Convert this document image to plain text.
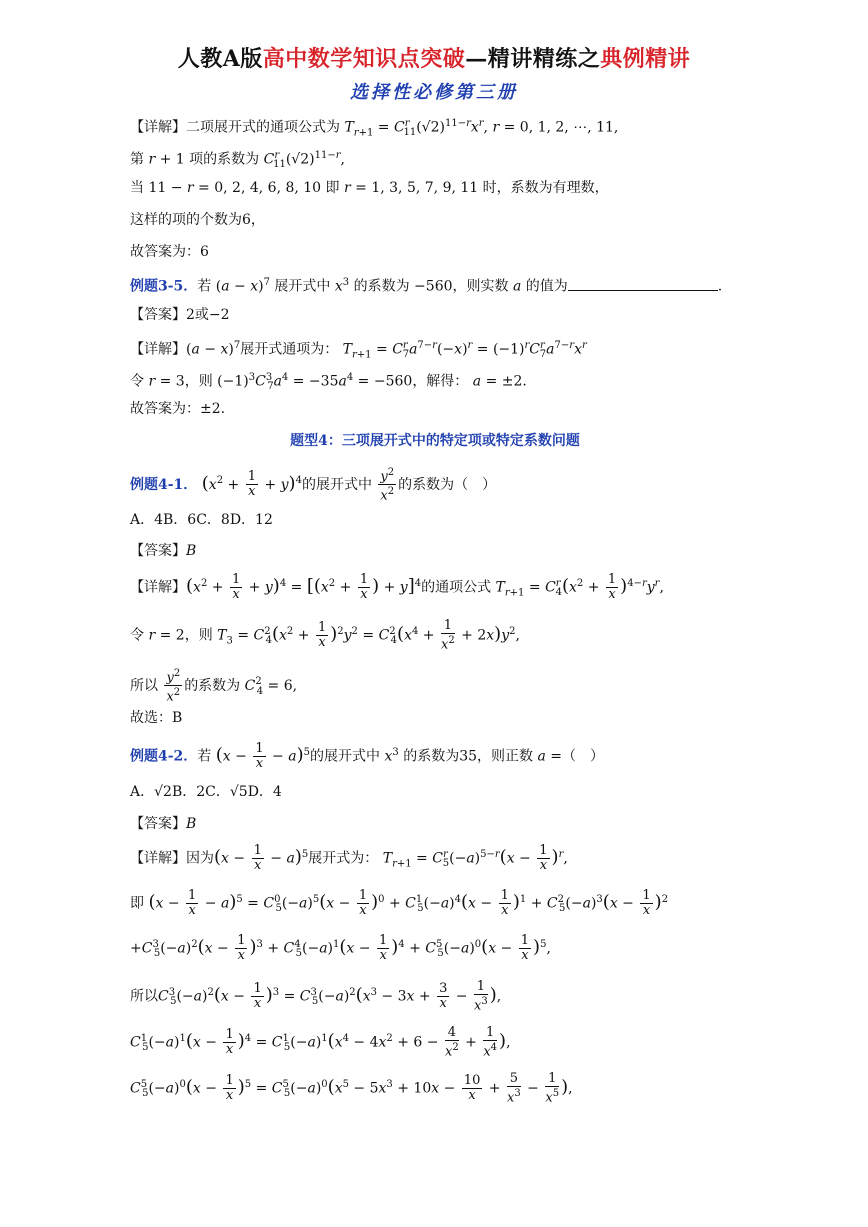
人教A版高中数学知识点突破—精讲精练之典例精讲
选择性必修第三册
【详解】二项展开式的通项公式为 $T_{r+1} = C^r_{11}(√2)^{11-r}x^r$, r = 0, 1, 2, ⋯, 11,
第 r + 1 项的系数为 $C^r_{11}(√2)^{11-r}$,
当 11 − r = 0, 2, 4, 6, 8, 10 即 r = 1, 3, 5, 7, 9, 11 时，系数为有理数，
这样的项的个数为6，
故答案为：6
例题3-5．若 $(a - x)^7$ 展开式中 $x^3$ 的系数为 −560，则实数 a 的值为	.
【答案】2或−2
【详解】$(a - x)^7$展开式通项为： $T_{r+1} = C^r_7a^{7-r}(-x)^r = (-1)^rC^r_7a^{7-r}x^r$
令 r = 3，则 $(-1)^3C^3_7a^4 = -35a^4 = -560$，解得： a = ±2.
故答案为：±2.
题型4：三项展开式中的特定项或特定系数问题
例题4-1． $(x^2 + \frac{1}{x} + y)^4$的展开式中 $\frac{y^2}{x^2}$ 的系数为（　）
A．4B．6C．8D．12
【答案】B
【详解】$(x^2 + \frac{1}{x} + y)^4 = [(x^2 + \frac{1}{x}$ ) + y]$^4$的通项公式 $T_{r+1} = C^r_4(x^2 + \frac{1}{x} )^{4-r}y^r$,
令 r = 2，则 $T_3 = C^2_4(x^2 + \frac{1}{x} )^2y^2 = C^2_4(x^4 + \frac{1}{x^2} + 2x)y^2$,
所以 $\frac{y^2}{x^2}$ 的系数为 $C^2_4 = 6$,
故选：B
例题4-2．若 $(x - \frac{1}{x} - a)^5$的展开式中 $x^3$ 的系数为35，则正数 a =（　）
A．√2B．2C．√5D．4
【答案】B
【详解】因为$(x - \frac{1}{x} - a)^5$展开式为： $T_{r+1} = C^r_5(-a)^{5-r}(x - \frac{1}{x} )^r$,
即 $(x - \frac{1}{x} - a)^5 = C^0_5(-a)^5(x - \frac{1}{x} )^0 + C^1_5(-a)^4(x - \frac{1}{x} )^1 + C^2_5(-a)^3(x - \frac{1}{x} )^2$
$+C^3_5(-a)^2(x - \frac{1}{x} )^3 + C^4_5(-a)^1(x - \frac{1}{x} )^4 + C^5_5(-a)^0(x - \frac{1}{x} )^5$,
所以$C^3_5(-a)^2(x - \frac{1}{x} )^3 = C^3_5(-a)^2(x^3 - 3x + \frac{3}{x} - \frac{1}{x^3}$ ),
$C^1_5(-a)^1(x - \frac{1}{x} )^4 = C^1_5(-a)^1(x^4 - 4x^2 + 6 - \frac{4}{x^2} + \frac{1}{x^4}$ ),
$C^5_5(-a)^0(x - \frac{1}{x} )^5 = C^5_5(-a)^0(x^5 - 5x^3 + 10x - \frac{10}{x} + \frac{5}{x^3} - \frac{1}{x^5}$ ),
